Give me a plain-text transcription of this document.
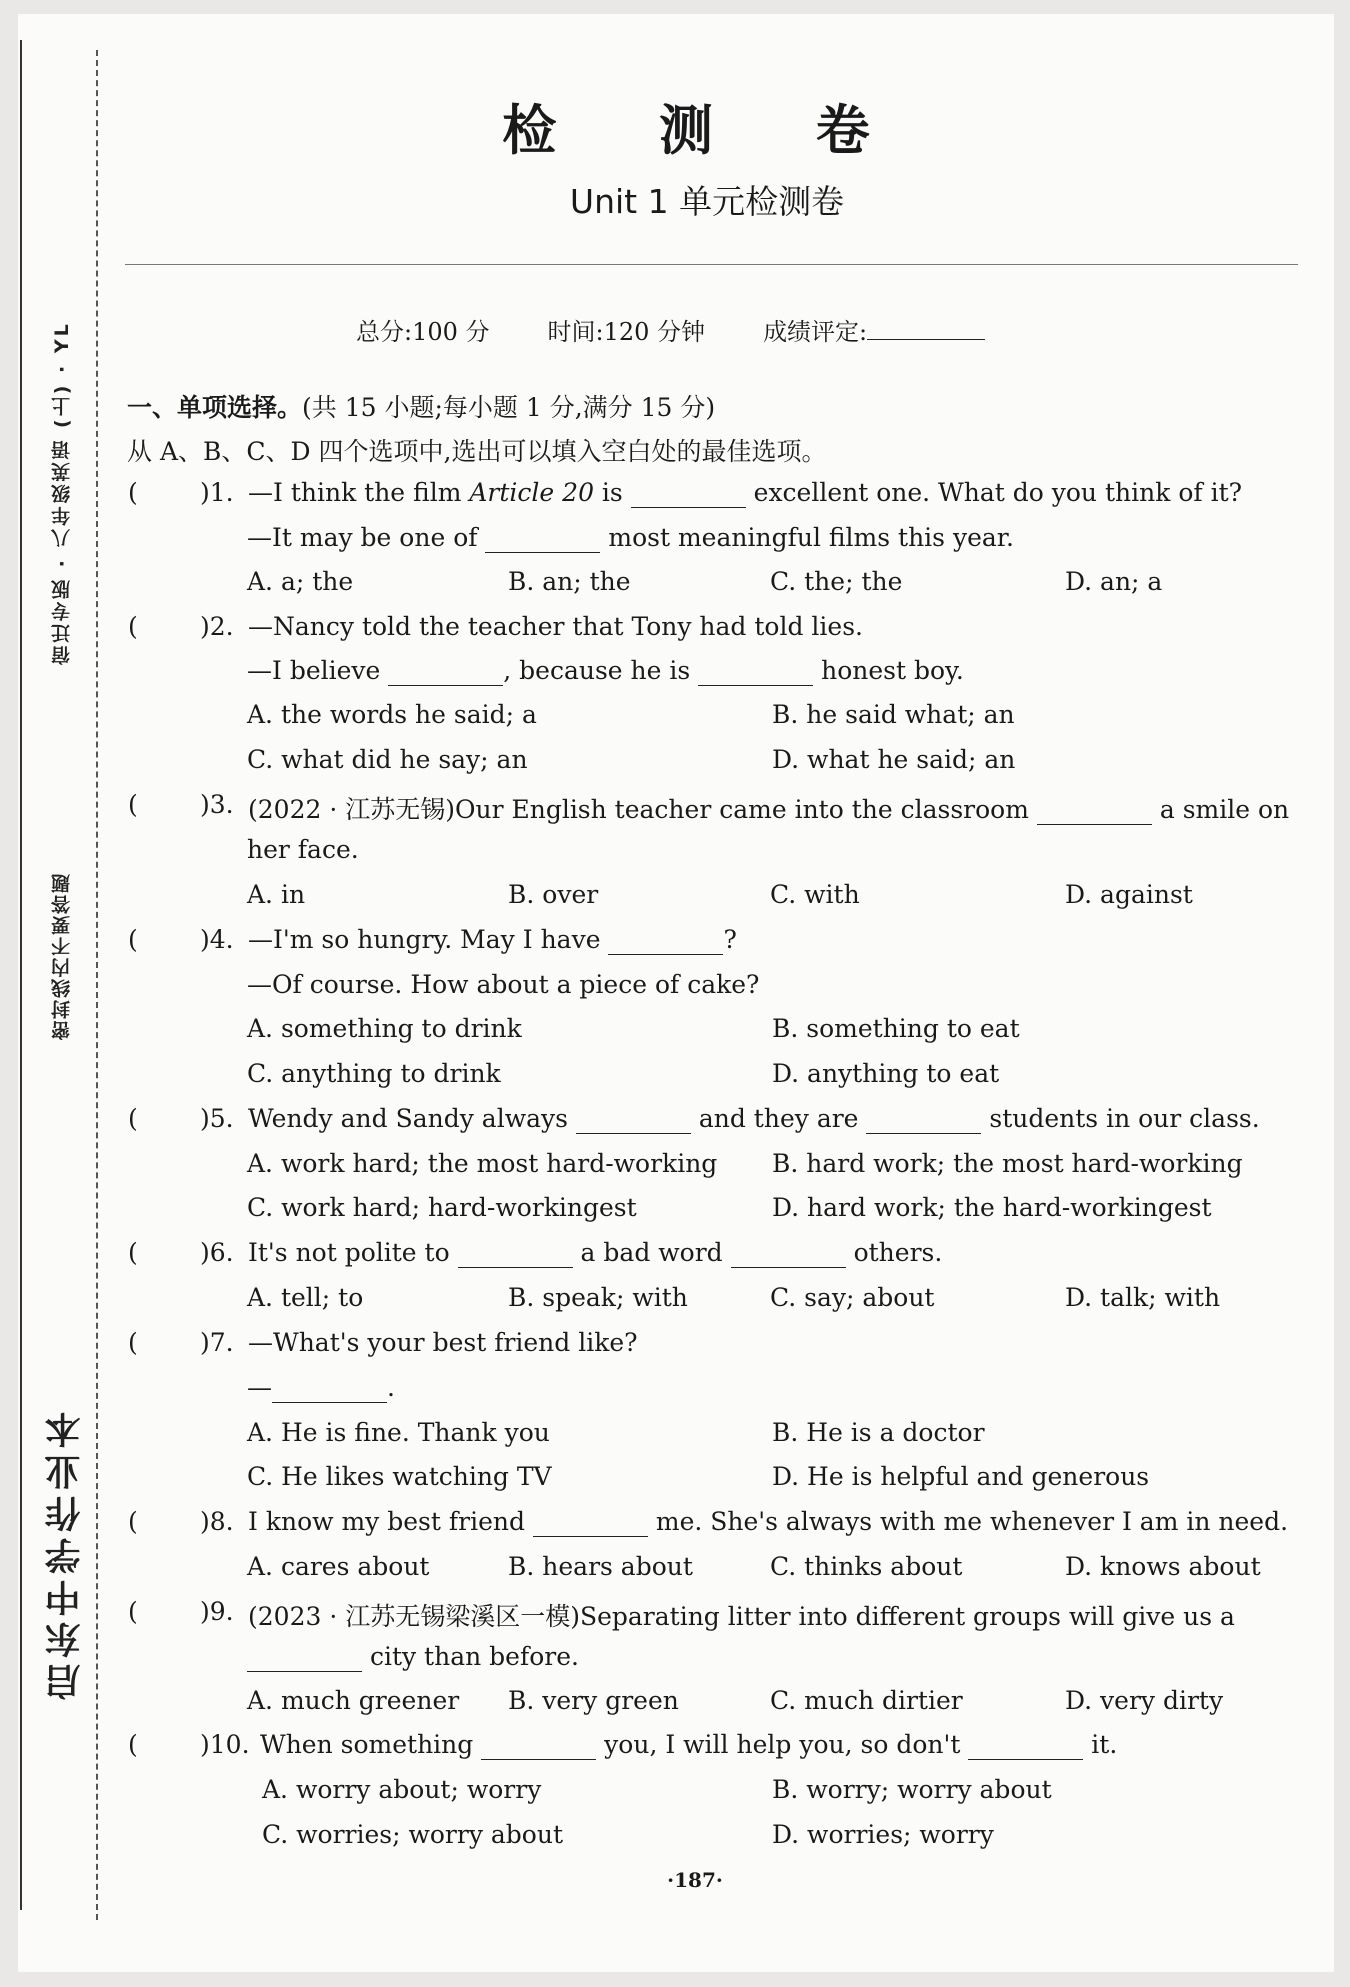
宿迁专版 · 八年级英语 (上) · YL
密封线内不要答题
启东中学作业本
检 测 卷
Unit 1 单元检测卷
总分:100 分 时间:120 分钟 成绩评定:
一、单项选择。(共 15 小题;每小题 1 分,满分 15 分)
从 A、B、C、D 四个选项中,选出可以填入空白处的最佳选项。
( )1. —I think the film Article 20 is	excellent one. What do you think of it?
—It may be one of	most meaningful films this year.
A. a; the	B. an; the	C. the; the	D. an; a
( )2. —Nancy told the teacher that Tony had told lies.
—I believe	, because he is	honest boy.
A. the words he said; a	B. he said what; an
C. what did he say; an	D. what he said; an
( )3. (2022 · 江苏无锡)Our English teacher came into the classroom	a smile on
her face.
A. in	B. over	C. with	D. against
( )4. —I'm so hungry. May I have	?
—Of course. How about a piece of cake?
A. something to drink	B. something to eat
C. anything to drink	D. anything to eat
( )5. Wendy and Sandy always	and they are	students in our class.
A. work hard; the most hard-working B. hard work; the most hard-working
C. work hard; hard-workingest	D. hard work; the hard-workingest
( )6. It's not polite to	a bad word	others.
A. tell; to	B. speak; with	C. say; about	D. talk; with
( )7. —What's your best friend like?
—	.
A. He is fine. Thank you	B. He is a doctor
C. He likes watching TV	D. He is helpful and generous
( )8. I know my best friend	me. She's always with me whenever I am in need.
A. cares about	B. hears about	C. thinks about	D. knows about
( )9. (2023 · 江苏无锡梁溪区一模)Separating litter into different groups will give us a
city than before.
A. much greener B. very green	C. much dirtier	D. very dirty
( )10. When something	you, I will help you, so don't	it.
A. worry about; worry	B. worry; worry about
C. worries; worry about	D. worries; worry
·187·
